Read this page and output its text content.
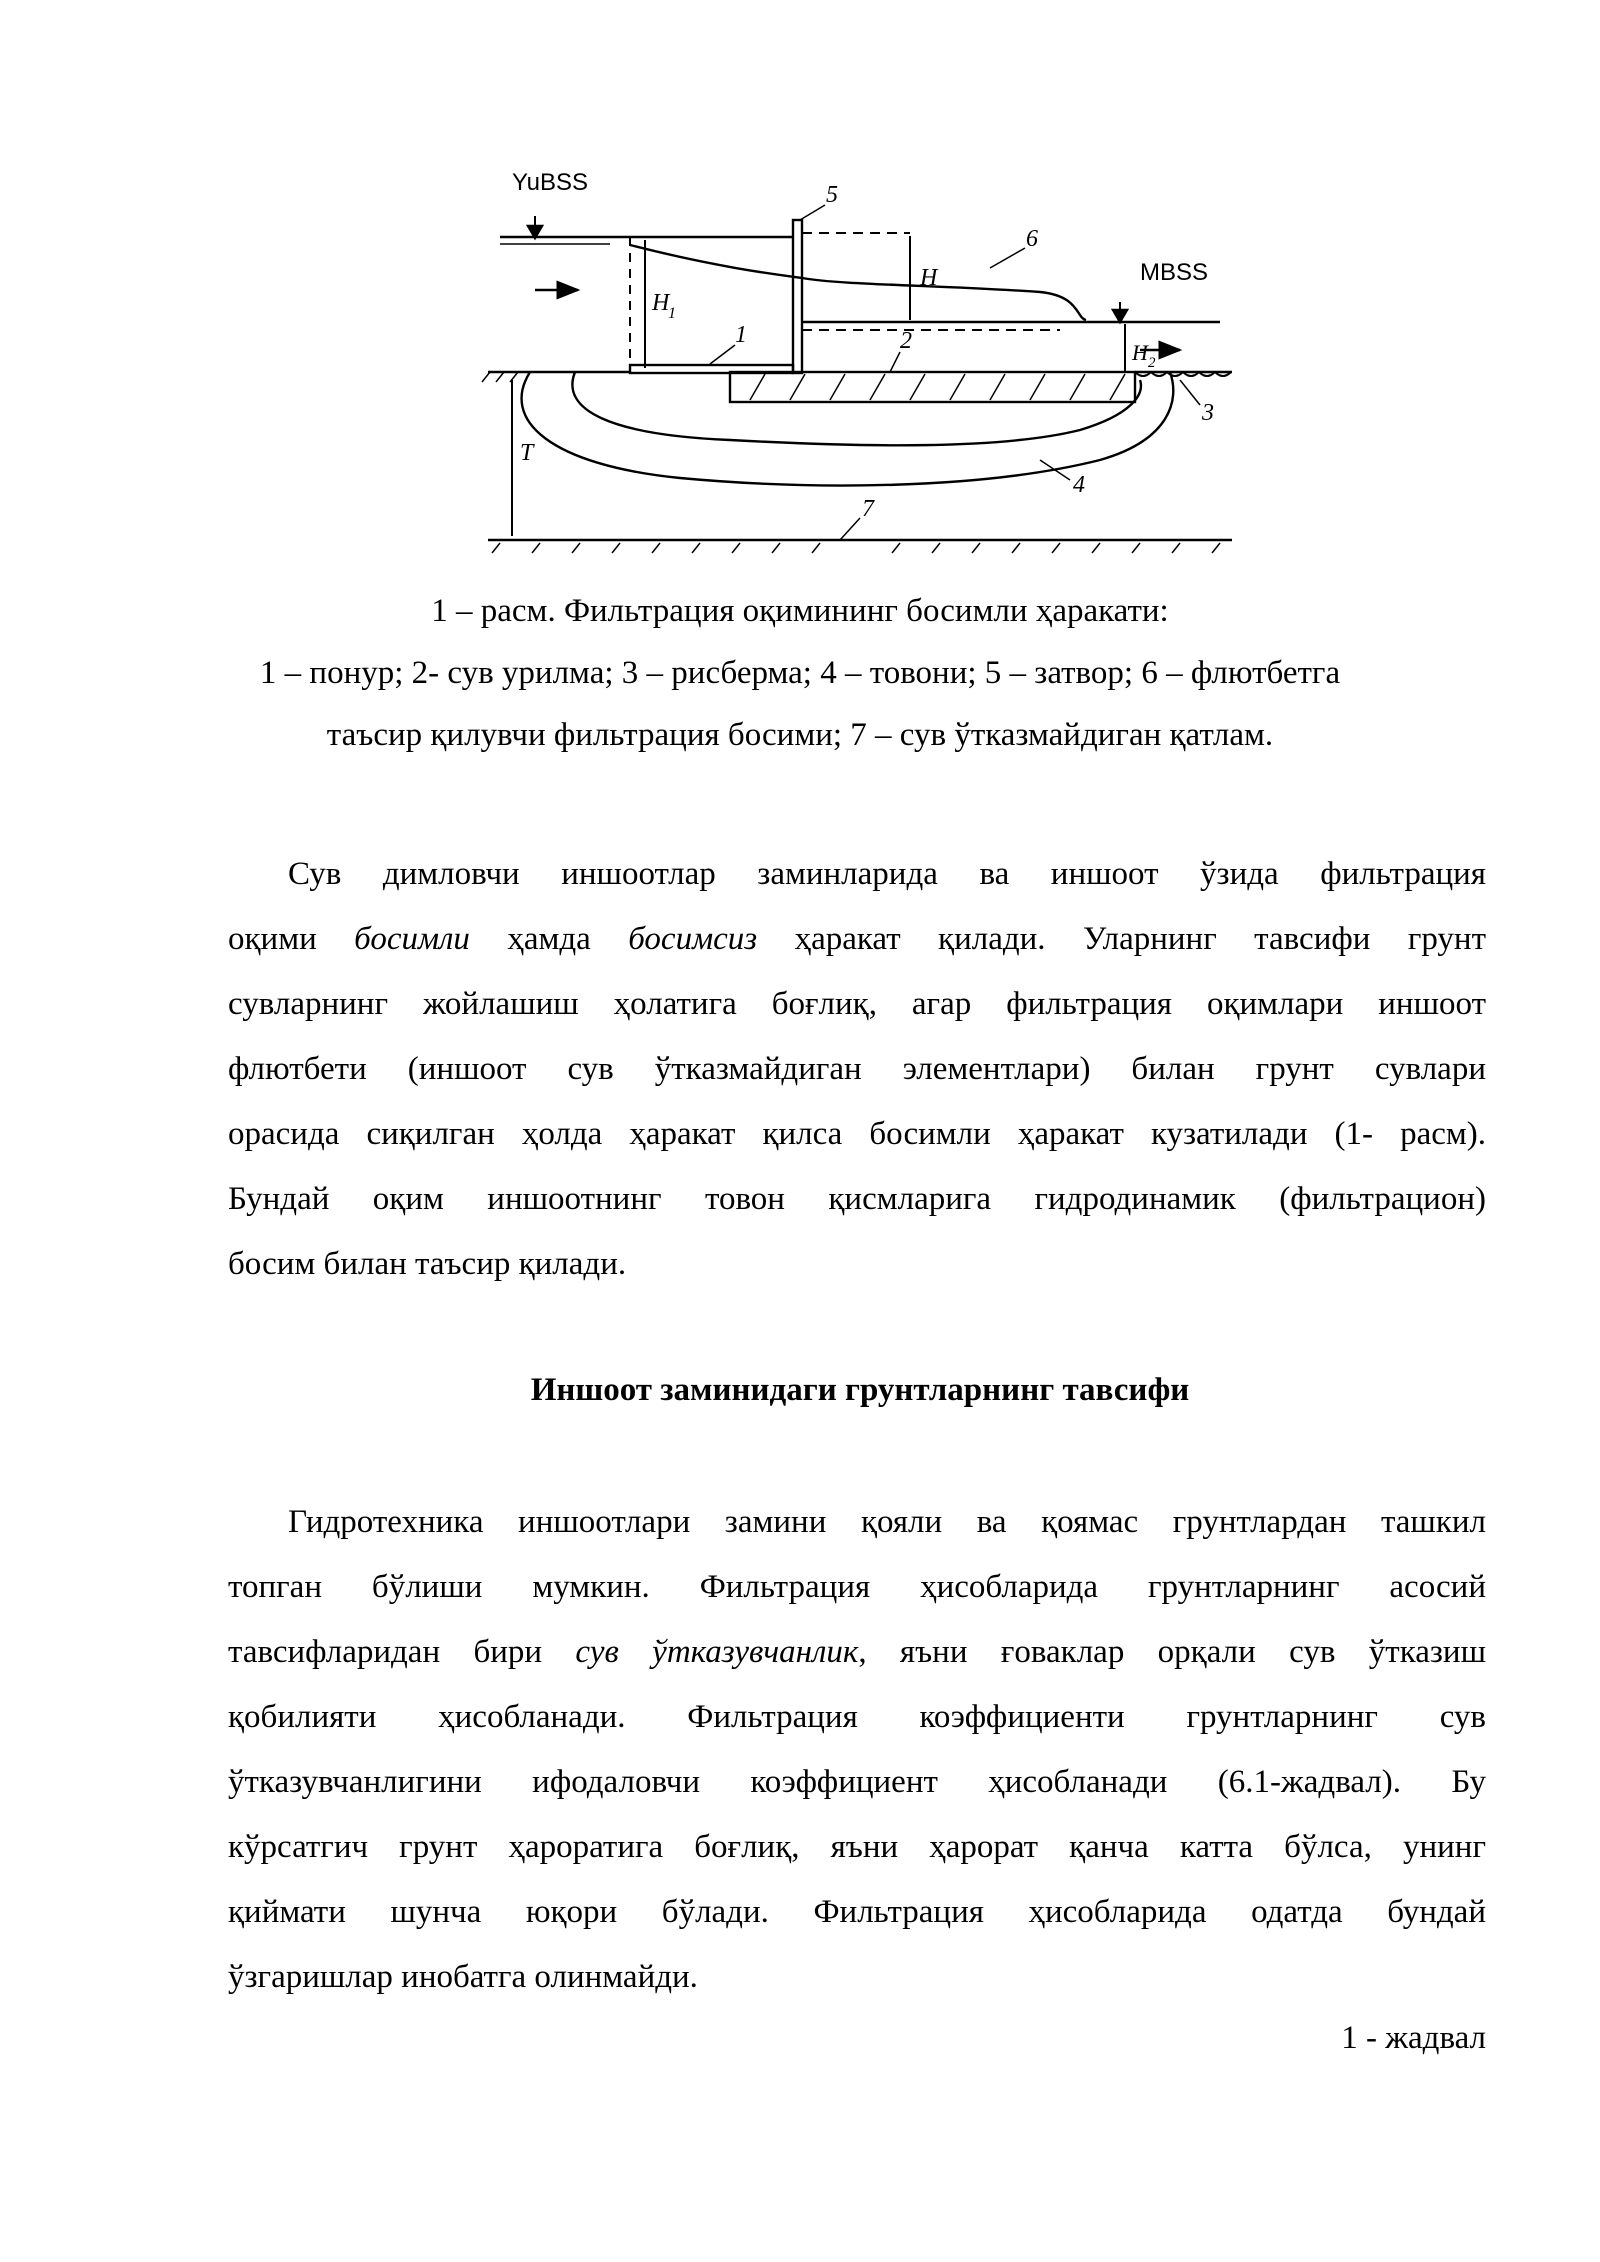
YuBSS
MBSS
H
H
1
H 2
T
1	2
3
4
5
6
7
1 – расм. Фильтрация оқимининг босимли ҳаракати:
1 – понур; 2- сув урилма; 3 – рисберма; 4 – товони; 5 – затвор; 6 – флютбетга
таъсир қилувчи фильтрация босими; 7 – сув ўтказмайдиган қатлам.
Сув димловчи иншоотлар заминларида ва иншоот ўзида фильтрация
оқими босимли ҳамда босимсиз ҳаракат қилади. Уларнинг тавсифи грунт
сувларнинг жойлашиш ҳолатига боғлиқ, агар фильтрация оқимлари иншоот
флютбети (иншоот сув ўтказмайдиган элементлари) билан грунт сувлари
орасида сиқилган ҳолда ҳаракат қилса босимли ҳаракат кузатилади (1- расм).
Бундай оқим иншоотнинг товон қисмларига гидродинамик (фильтрацион)
босим билан таъсир қилади.
Иншоот заминидаги грунтларнинг тавсифи
Гидротехника иншоотлари замини қояли ва қоямас грунтлардан ташкил
топган бўлиши мумкин. Фильтрация ҳисобларида грунтларнинг асосий
тавсифларидан бири сув ўтказувчанлик, яъни ғоваклар орқали сув ўтказиш
қобилияти ҳисобланади. Фильтрация коэффициенти грунтларнинг сув
ўтказувчанлигини ифодаловчи коэффициент ҳисобланади (6.1-жадвал). Бу
кўрсатгич грунт ҳароратига боғлиқ, яъни ҳарорат қанча катта бўлса, унинг
қиймати шунча юқори бўлади. Фильтрация ҳисобларида одатда бундай
ўзгаришлар инобатга олинмайди.
1 - жадвал
